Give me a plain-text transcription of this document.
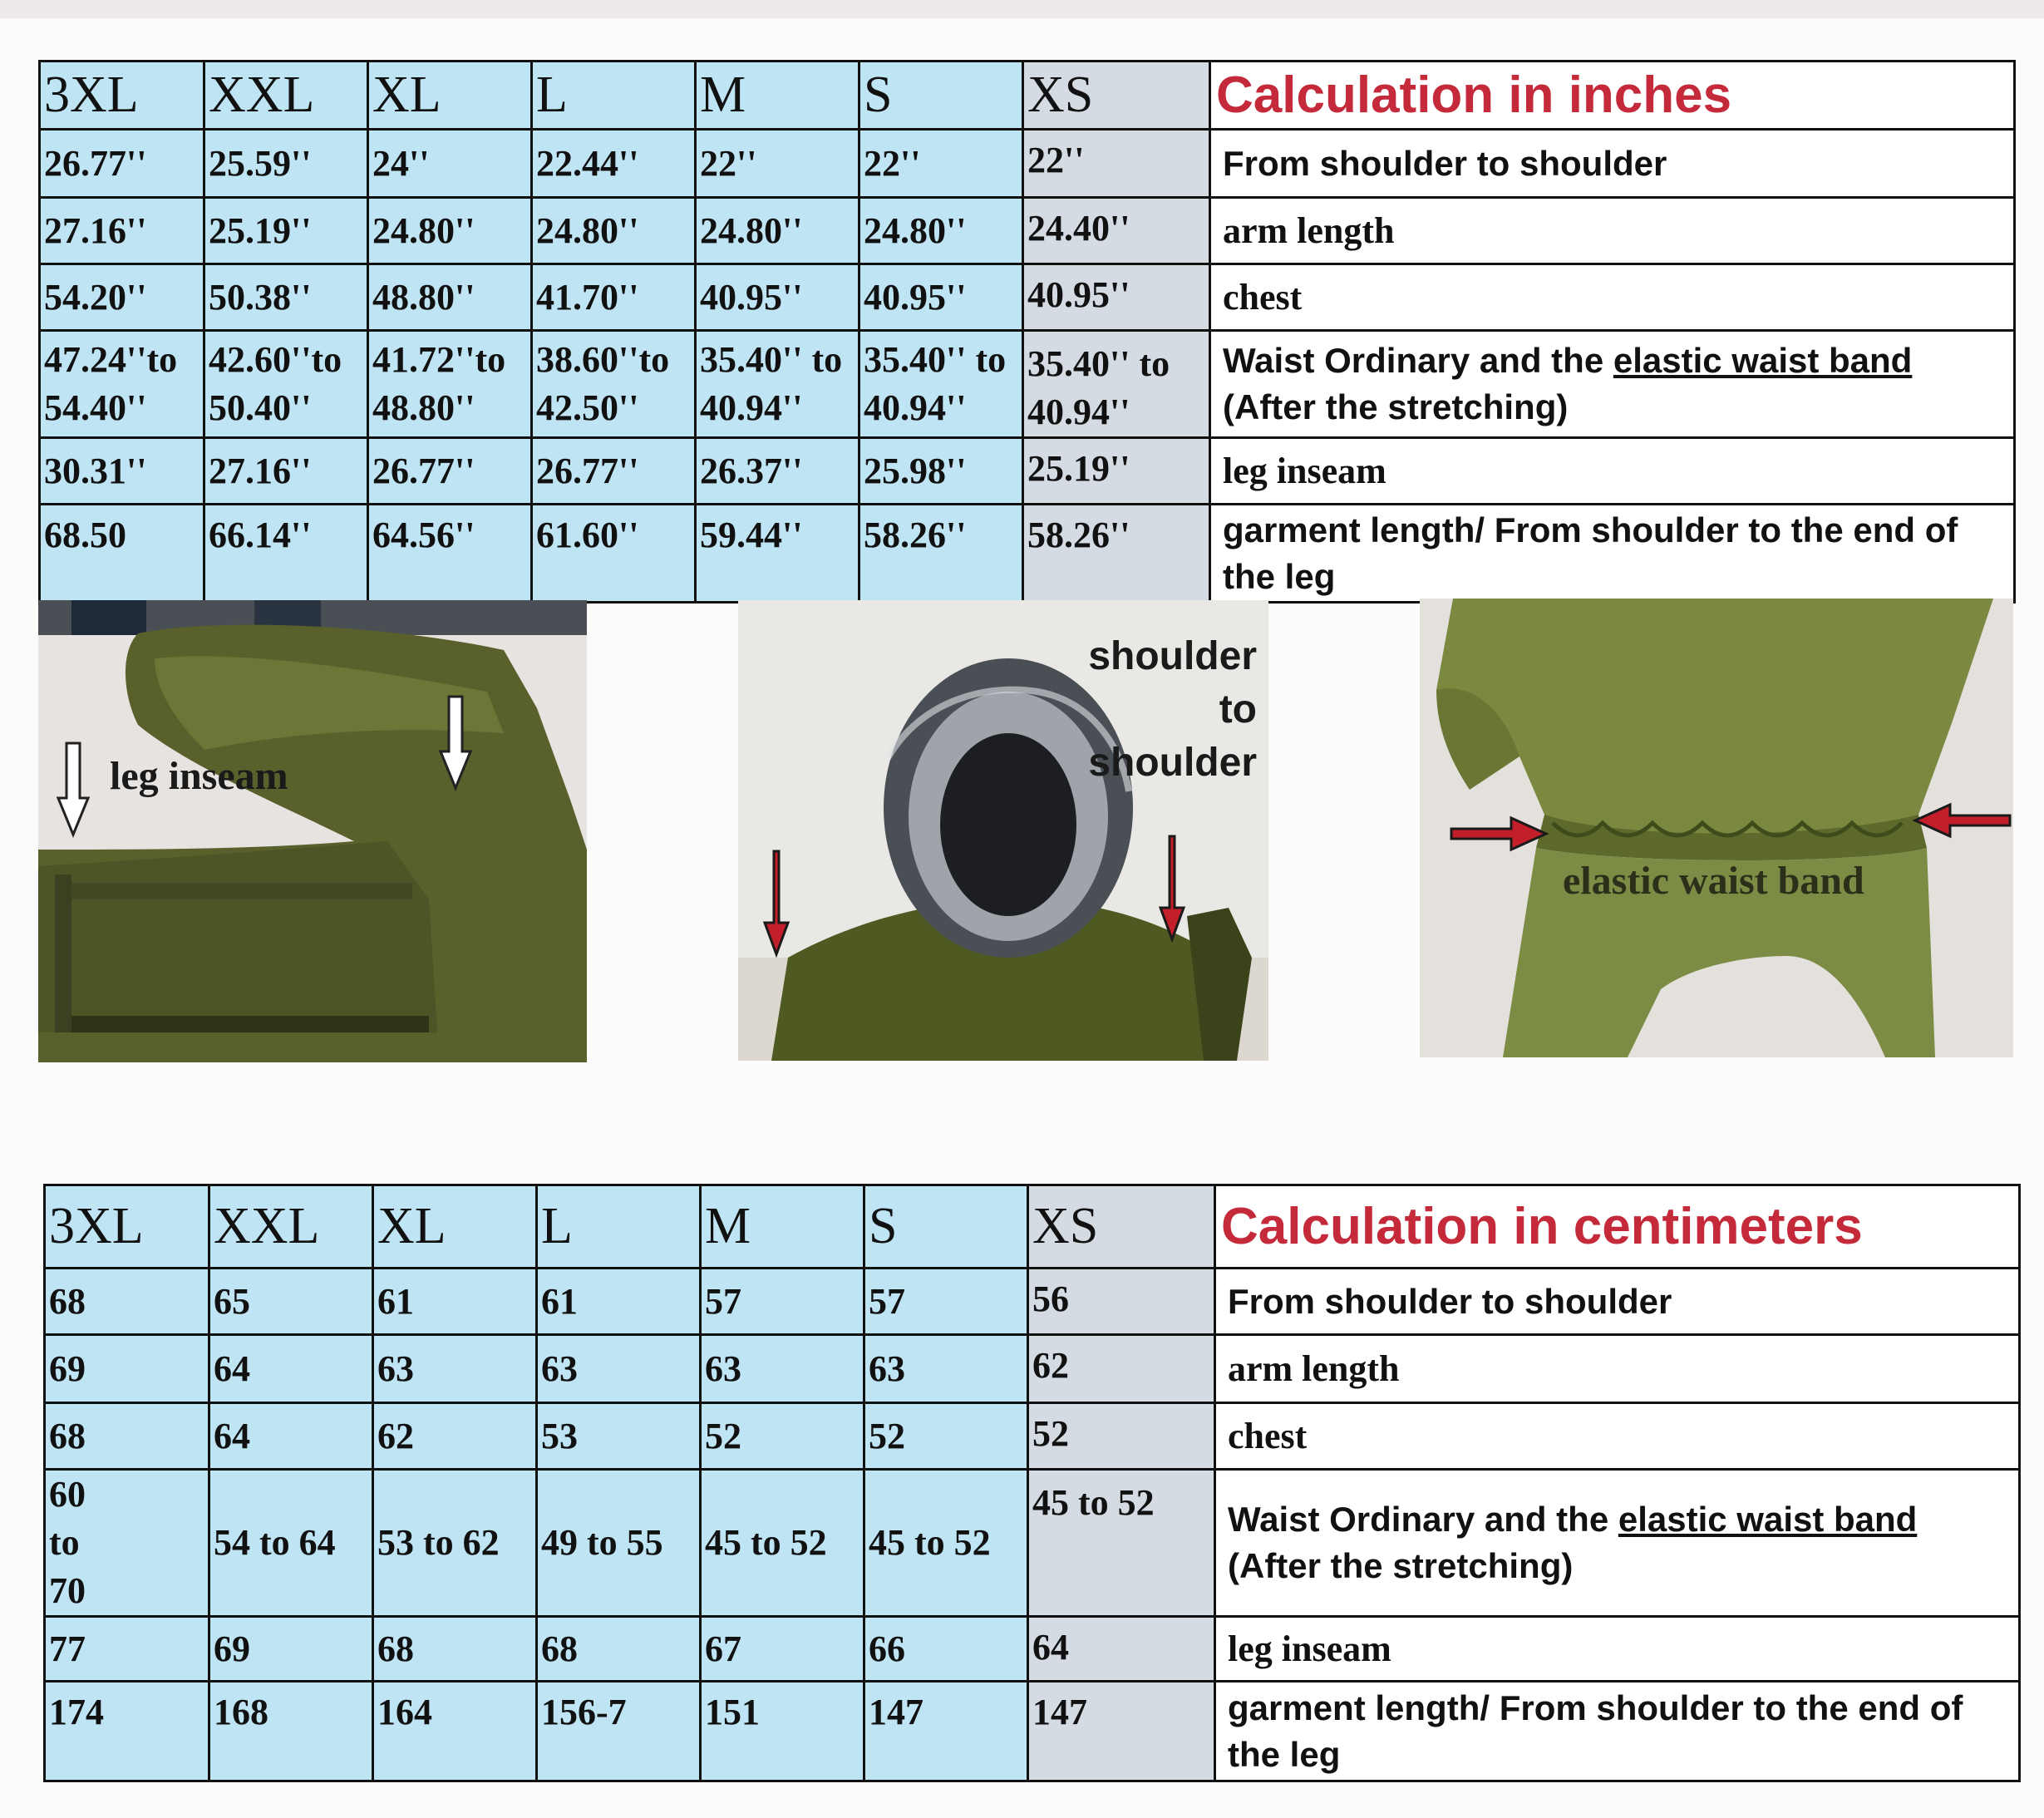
3XL	XXL	XL	L	M	S	XS	Calculation in inches
26.77''	25.59''	24''	22.44''	22''	22''	22''	From shoulder to shoulder
27.16''	25.19''	24.80''	24.80''	24.80''	24.80''	24.40''	arm length
54.20''	50.38''	48.80''	41.70''	40.95''	40.95''	40.95''	chest
47.24''to 54.40''	42.60''to 50.40''	41.72''to 48.80''	38.60''to 42.50''	35.40'' to 40.94''	35.40'' to 40.94''	35.40'' to 40.94''	Waist Ordinary and the elastic waist band
(After the stretching)
30.31''	27.16''	26.77''	26.77''	26.37''	25.98''	25.19''	leg inseam
68.50	66.14''	64.56''	61.60''	59.44''	58.26''	58.26''	garment length/ From shoulder to the end of the leg
leg inseam
shoulder
to
shoulder
elastic waist band
3XL	XXL	XL	L	M	S	XS	Calculation in centimeters
68	65	61	61	57	57	56	From shoulder to shoulder
69	64	63	63	63	63	62	arm length
68	64	62	53	52	52	52	chest
60 to 70	54 to 64	53 to 62	49 to 55	45 to 52	45 to 52	45 to 52	Waist Ordinary and the elastic waist band
(After the stretching)
77	69	68	68	67	66	64	leg inseam
174	168	164	156-7	151	147	147	garment length/ From shoulder to the end of the leg
